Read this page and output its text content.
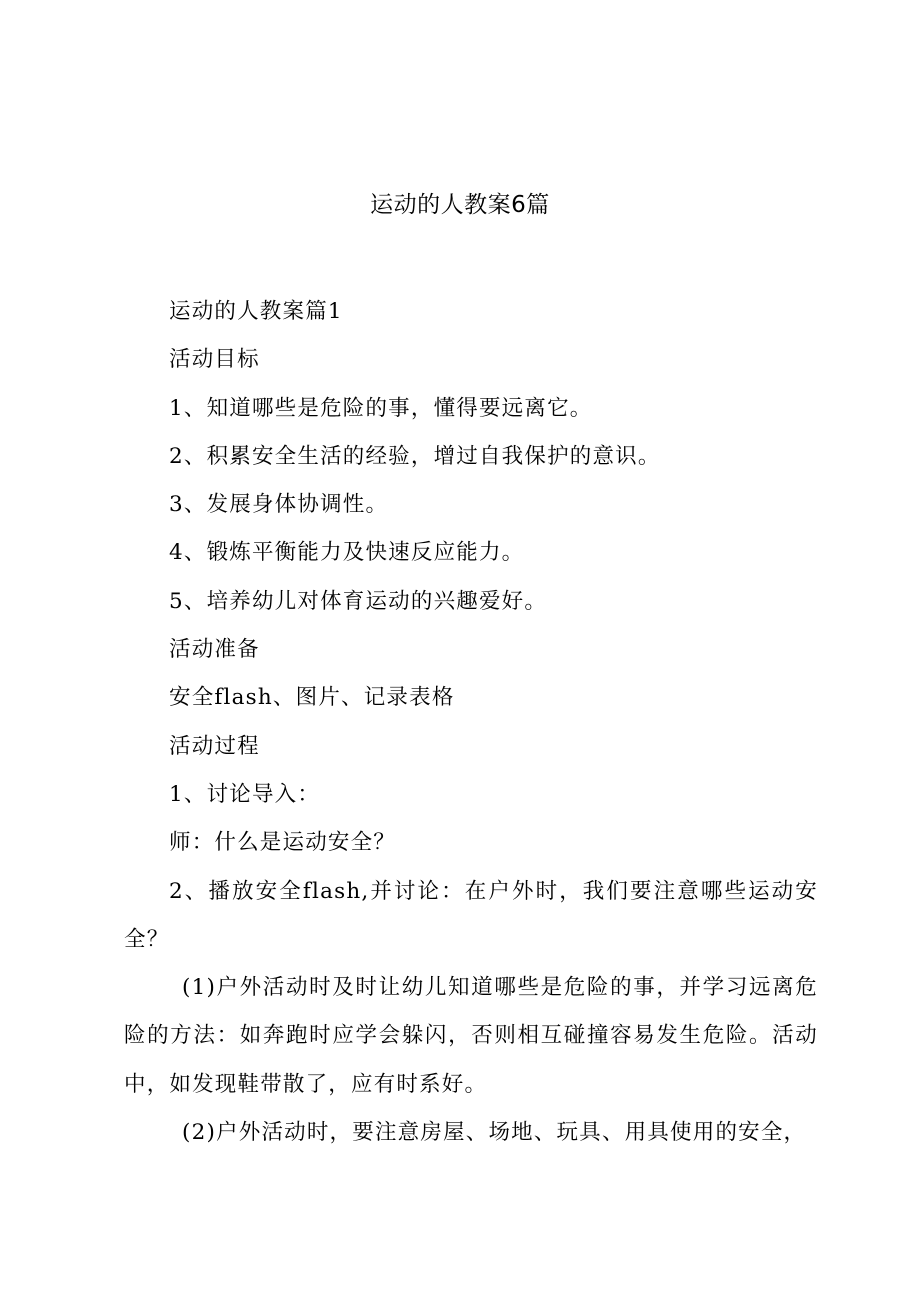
运动的人教案6篇

运动的人教案篇1

活动目标

1、知道哪些是危险的事，懂得要远离它。

2、积累安全生活的经验，增过自我保护的意识。

3、发展身体协调性。

4、锻炼平衡能力及快速反应能力。

5、培养幼儿对体育运动的兴趣爱好。

活动准备

安全flash、图片、记录表格

活动过程

1、讨论导入：

师：什么是运动安全？

2、播放安全flash,并讨论：在户外时，我们要注意哪些运动安全？

(1)户外活动时及时让幼儿知道哪些是危险的事，并学习远离危险的方法：如奔跑时应学会躲闪，否则相互碰撞容易发生危险。活动中，如发现鞋带散了，应有时系好。

(2)户外活动时，要注意房屋、场地、玩具、用具使用的安全，
